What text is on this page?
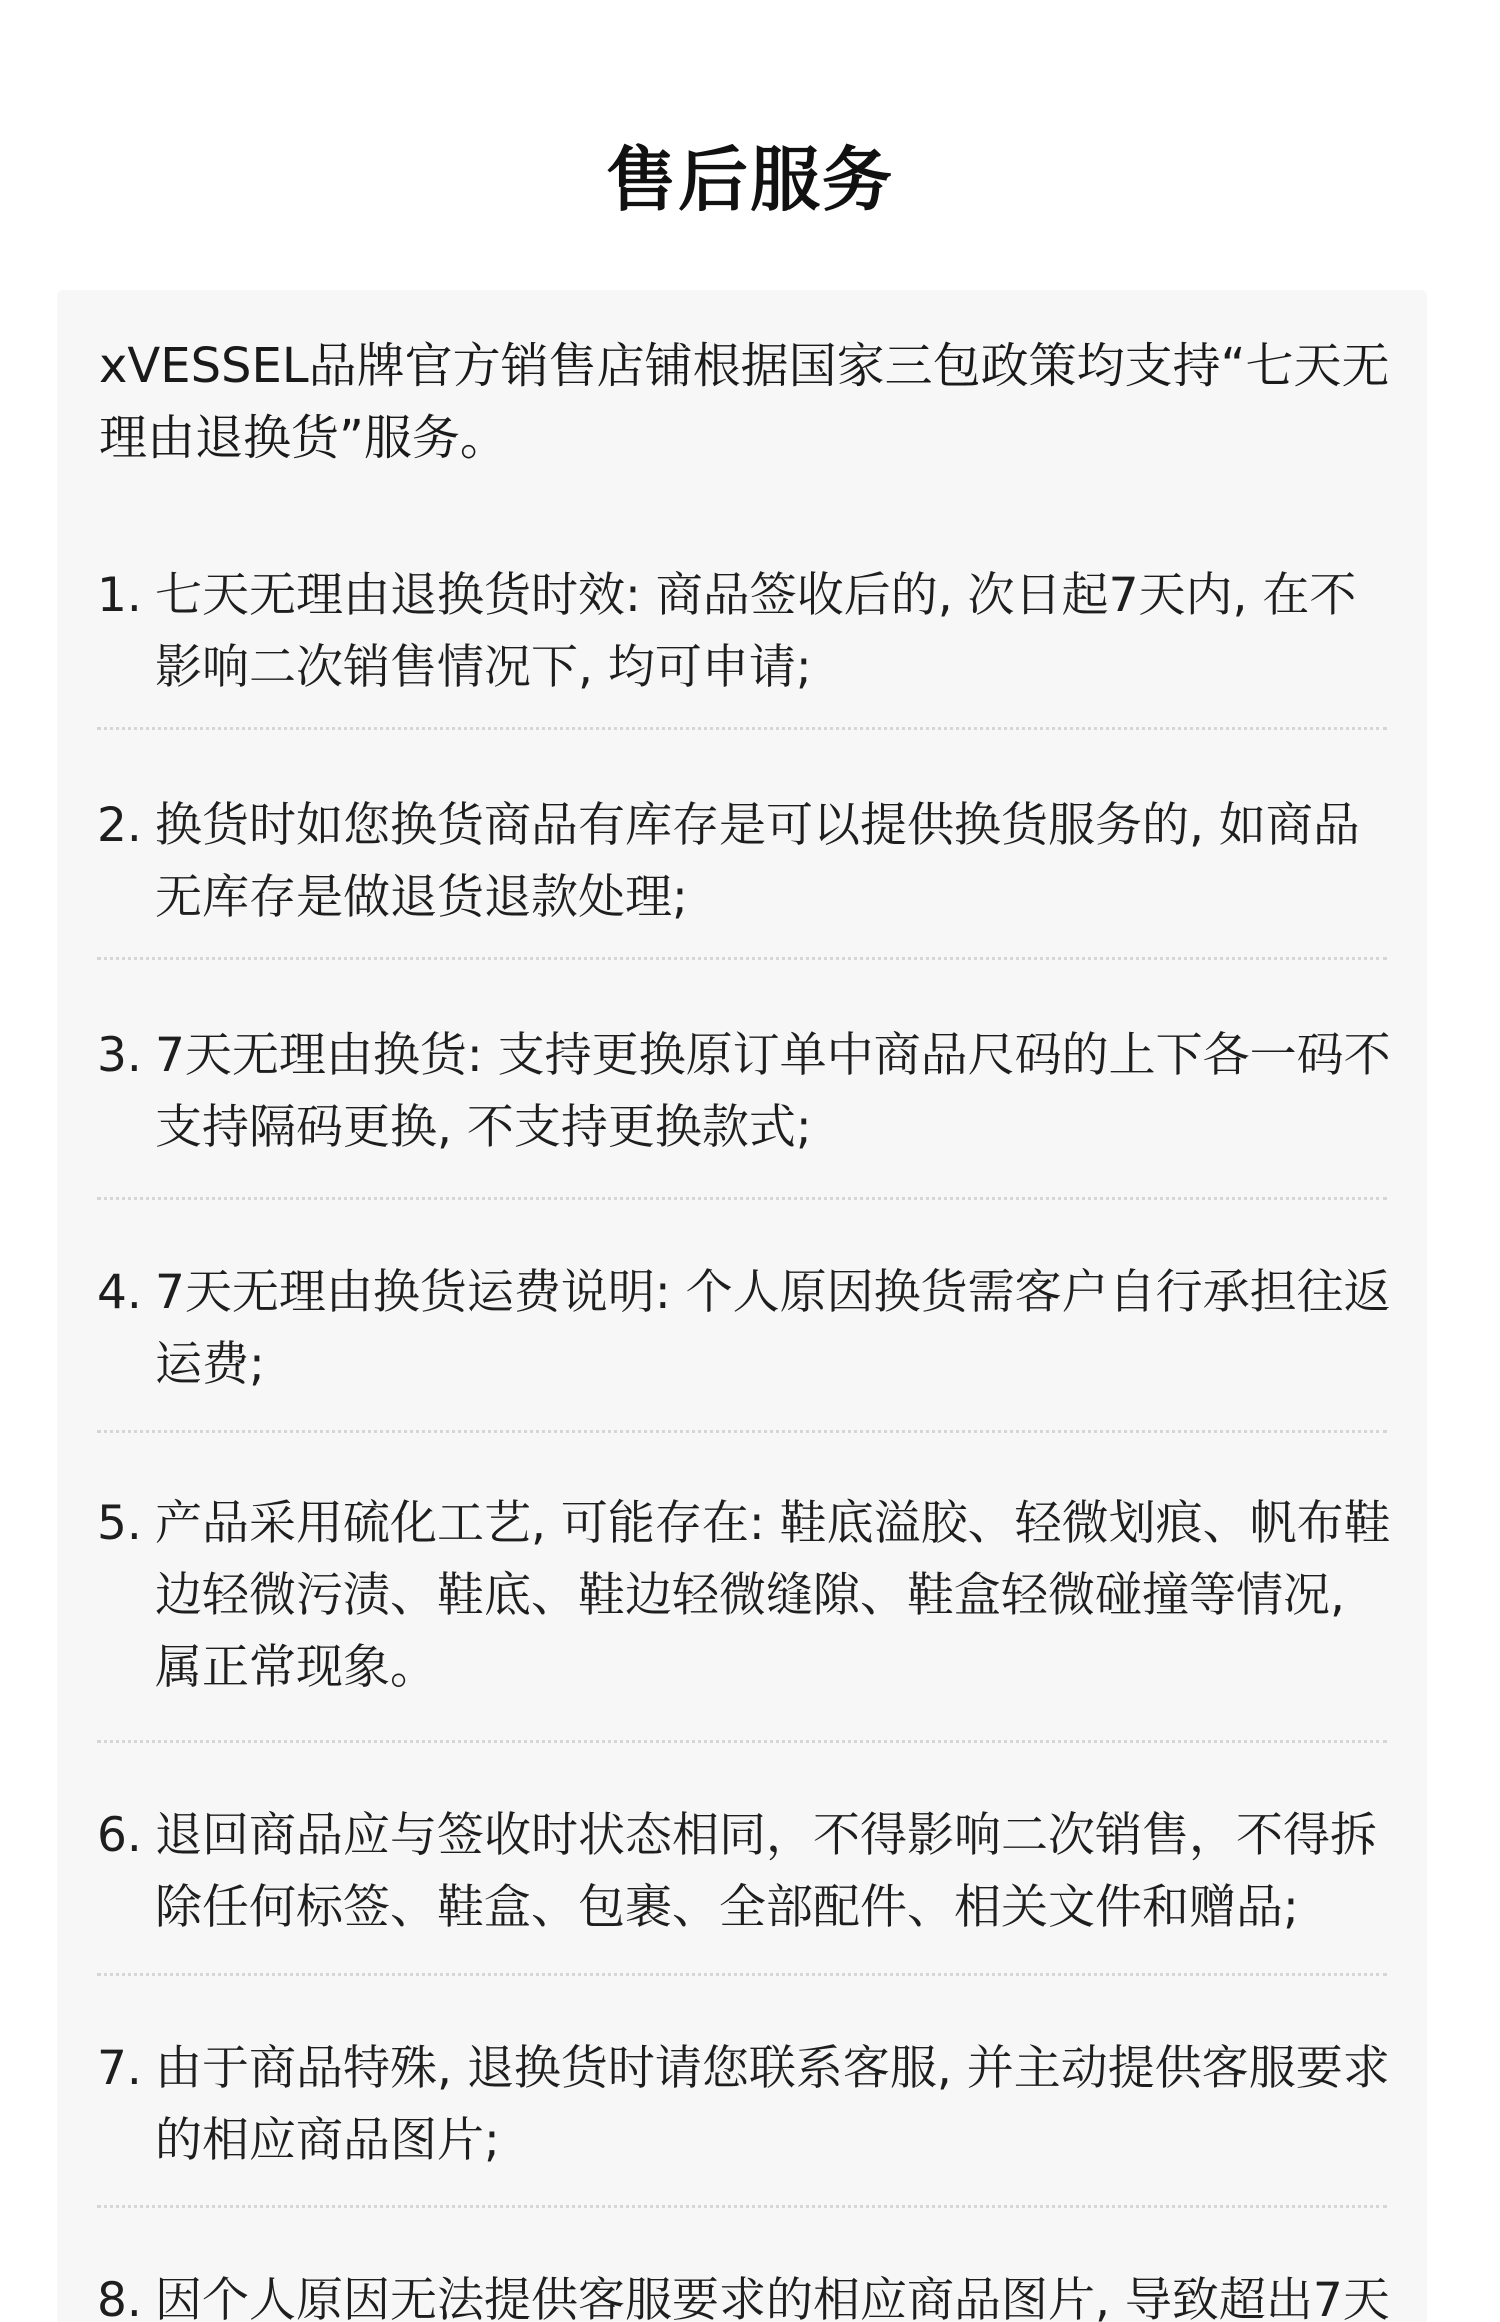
售后服务

xVESSEL品牌官方销售店铺根据国家三包政策均支持“七天无理由退换货”服务。

1. 七天无理由退换货时效: 商品签收后的, 次日起7天内, 在不影响二次销售情况下, 均可申请;
2. 换货时如您换货商品有库存是可以提供换货服务的, 如商品无库存是做退货退款处理;
3. 7天无理由换货: 支持更换原订单中商品尺码的上下各一码不支持隔码更换, 不支持更换款式;
4. 7天无理由换货运费说明: 个人原因换货需客户自行承担往返运费;
5. 产品采用硫化工艺, 可能存在: 鞋底溢胶、轻微划痕、帆布鞋边轻微污渍、鞋底、鞋边轻微缝隙、鞋盒轻微碰撞等情况, 属正常现象。
6. 退回商品应与签收时状态相同，不得影响二次销售，不得拆除任何标签、鞋盒、包裹、全部配件、相关文件和赠品;
7. 由于商品特殊, 退换货时请您联系客服, 并主动提供客服要求的相应商品图片;
8. 因个人原因无法提供客服要求的相应商品图片, 导致超出7天
